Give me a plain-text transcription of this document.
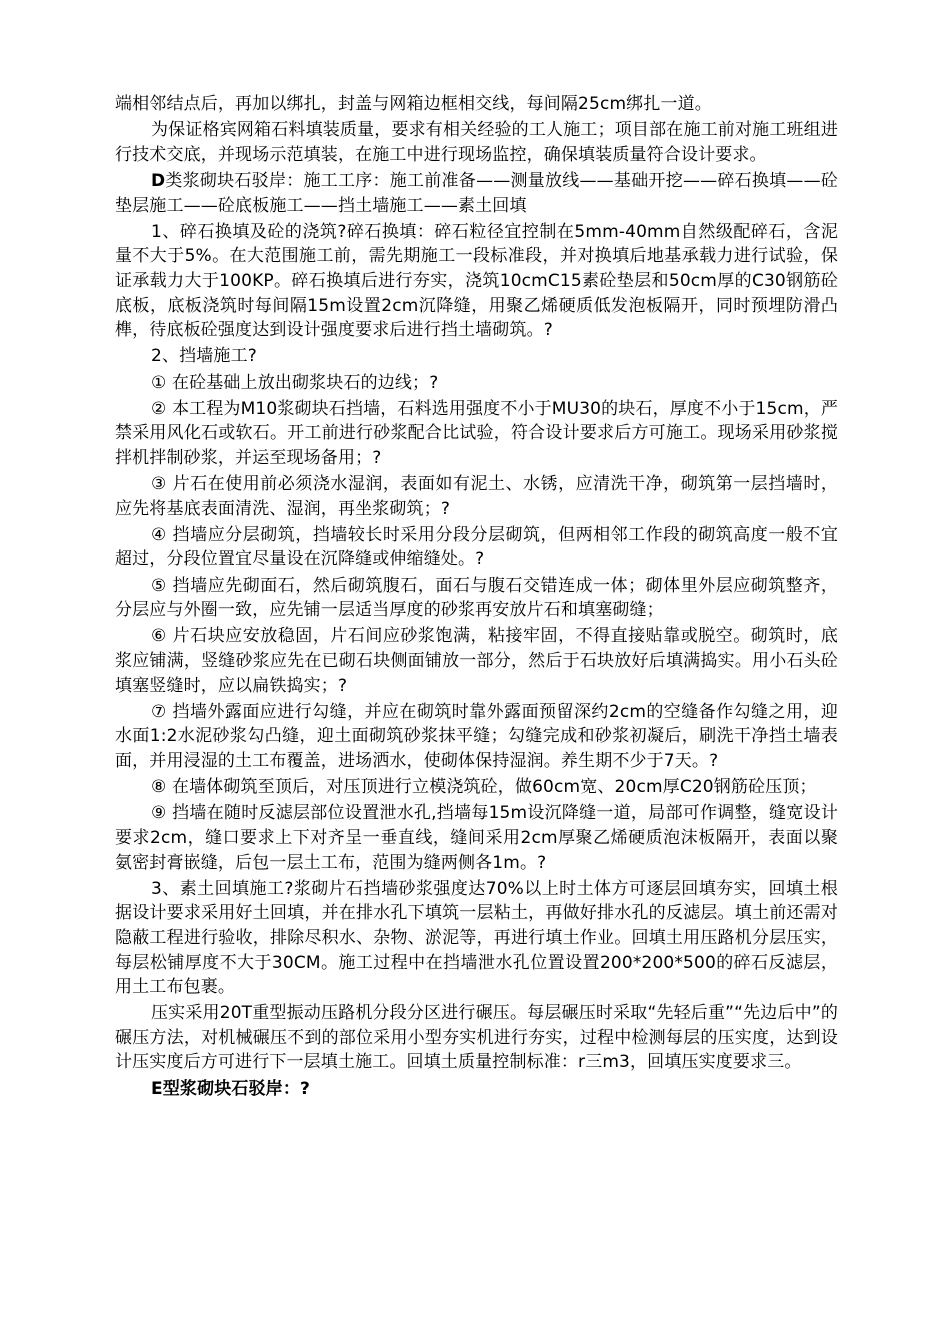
端相邻结点后，再加以绑扎，封盖与网箱边框相交线，每间隔25cm绑扎一道。

为保证格宾网箱石料填装质量，要求有相关经验的工人施工；项目部在施工前对施工班组进行技术交底，并现场示范填装，在施工中进行现场监控，确保填装质量符合设计要求。

D类浆砌块石驳岸：施工工序：施工前准备——测量放线——基础开挖——碎石换填——砼垫层施工——砼底板施工——挡土墙施工——素土回填

1、碎石换填及砼的浇筑?碎石换填：碎石粒径宜控制在5mm-40mm自然级配碎石，含泥量不大于5%。在大范围施工前，需先期施工一段标准段，并对换填后地基承载力进行试验，保证承载力大于100KP。碎石换填后进行夯实，浇筑10cmC15素砼垫层和50cm厚的C30钢筋砼底板，底板浇筑时每间隔15m设置2cm沉降缝，用聚乙烯硬质低发泡板隔开，同时预埋防滑凸榫，待底板砼强度达到设计强度要求后进行挡土墙砌筑。?

2、挡墙施工?

① 在砼基础上放出砌浆块石的边线；?

② 本工程为M10浆砌块石挡墙，石料选用强度不小于MU30的块石，厚度不小于15cm，严禁采用风化石或软石。开工前进行砂浆配合比试验，符合设计要求后方可施工。现场采用砂浆搅拌机拌制砂浆，并运至现场备用；?

③ 片石在使用前必须浇水湿润，表面如有泥土、水锈，应清洗干净，砌筑第一层挡墙时，应先将基底表面清洗、湿润，再坐浆砌筑；?

④ 挡墙应分层砌筑，挡墙较长时采用分段分层砌筑，但两相邻工作段的砌筑高度一般不宜超过，分段位置宜尽量设在沉降缝或伸缩缝处。?

⑤ 挡墙应先砌面石，然后砌筑腹石，面石与腹石交错连成一体；砌体里外层应砌筑整齐，分层应与外圈一致，应先铺一层适当厚度的砂浆再安放片石和填塞砌缝；

⑥ 片石块应安放稳固，片石间应砂浆饱满，粘接牢固，不得直接贴靠或脱空。砌筑时，底浆应铺满，竖缝砂浆应先在已砌石块侧面铺放一部分，然后于石块放好后填满捣实。用小石头砼填塞竖缝时，应以扁铁捣实；?

⑦ 挡墙外露面应进行勾缝，并应在砌筑时靠外露面预留深约2cm的空缝备作勾缝之用，迎水面1:2水泥砂浆勾凸缝，迎土面砌筑砂浆抹平缝；勾缝完成和砂浆初凝后，刷洗干净挡土墙表面，并用浸湿的土工布覆盖，进场洒水，使砌体保持湿润。养生期不少于7天。?

⑧ 在墙体砌筑至顶后，对压顶进行立模浇筑砼，做60cm宽、20cm厚C20钢筋砼压顶；

⑨ 挡墙在随时反滤层部位设置泄水孔,挡墙每15m设沉降缝一道，局部可作调整，缝宽设计要求2cm，缝口要求上下对齐呈一垂直线，缝间采用2cm厚聚乙烯硬质泡沫板隔开，表面以聚氨密封膏嵌缝，后包一层土工布，范围为缝两侧各1m。?

3、素土回填施工?浆砌片石挡墙砂浆强度达70%以上时土体方可逐层回填夯实，回填土根据设计要求采用好土回填，并在排水孔下填筑一层粘土，再做好排水孔的反滤层。填土前还需对隐蔽工程进行验收，排除尽积水、杂物、淤泥等，再进行填土作业。回填土用压路机分层压实，每层松铺厚度不大于30CM。施工过程中在挡墙泄水孔位置设置200*200*500的碎石反滤层，用土工布包裹。

压实采用20T重型振动压路机分段分区进行碾压。每层碾压时采取“先轻后重”“先边后中”的碾压方法，对机械碾压不到的部位采用小型夯实机进行夯实，过程中检测每层的压实度，达到设计压实度后方可进行下一层填土施工。回填土质量控制标准：r三m3，回填压实度要求三。

E型浆砌块石驳岸：?
